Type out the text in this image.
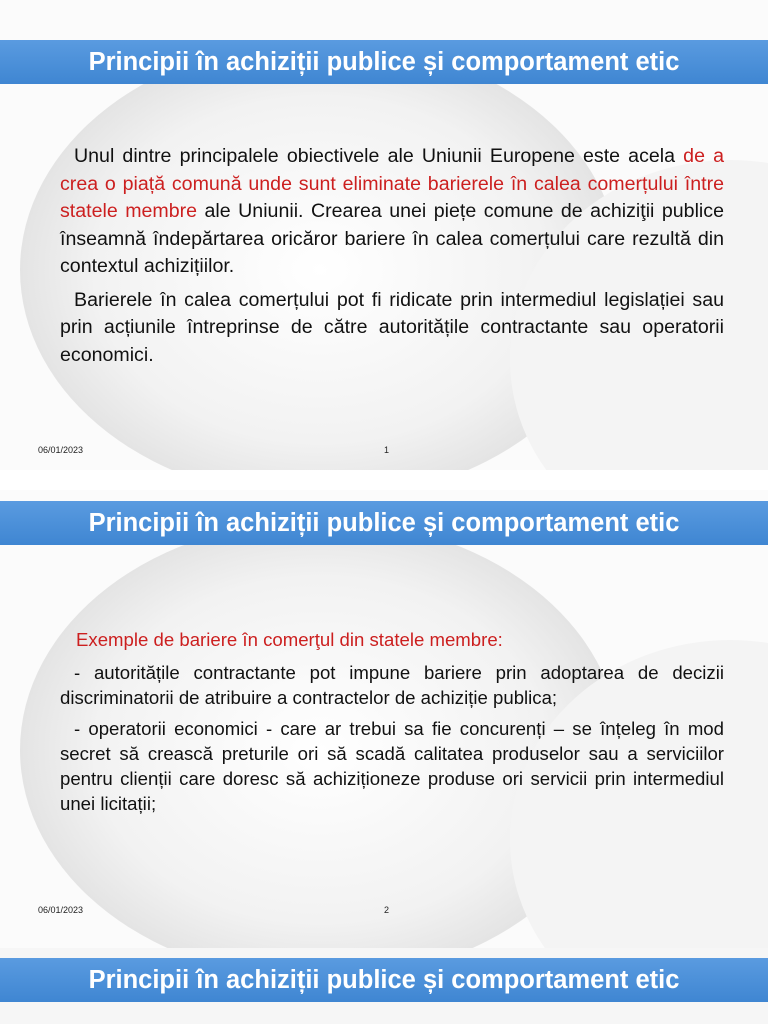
Principii în achiziții publice și comportament etic

Unul dintre principalele obiectivele ale Uniunii Europene este acela de a crea o piață comună unde sunt eliminate barierele în calea comerțului între statele membre ale Uniunii. Crearea unei piețe comune de achiziţii publice înseamnă îndepărtarea oricăror bariere în calea comerțului care rezultă din contextul achizițiilor.

Barierele în calea comerțului pot fi ridicate prin intermediul legislației sau prin acțiunile întreprinse de către autoritățile contractante sau operatorii economici.

06/01/2023	1
Principii în achiziții publice și comportament etic

Exemple de bariere în comerţul din statele membre:

- autoritățile contractante pot impune bariere prin adoptarea de decizii discriminatorii de atribuire a contractelor de achiziție publica;

- operatorii economici - care ar trebui sa fie concurenți – se înțeleg în mod secret să crească preturile ori să scadă calitatea produselor sau a serviciilor pentru clienții care doresc să achiziționeze produse ori servicii prin intermediul unei licitații;

06/01/2023	2
Principii în achiziții publice și comportament etic
